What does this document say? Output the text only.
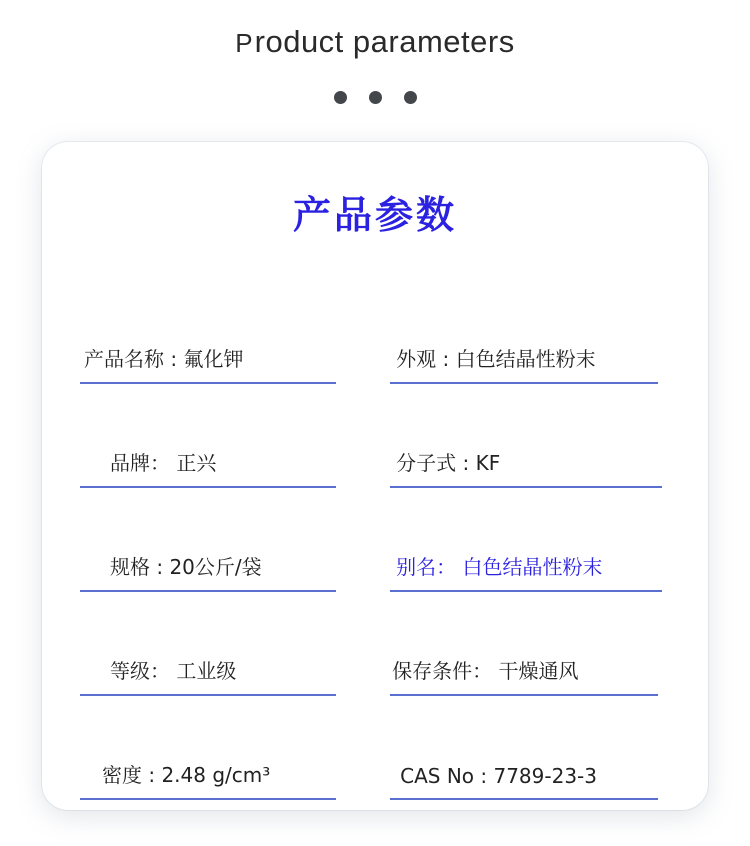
Product parameters
产品参数
产品名称 : 氟化钾	外观 : 白色结晶性粉末
品牌： 正兴	分子式 : KF
规格 : 20公斤/袋	别名： 白色结晶性粉末
等级： 工业级	保存条件： 干燥通风
密度 : 2.48 g/cm³	CAS No : 7789-23-3
